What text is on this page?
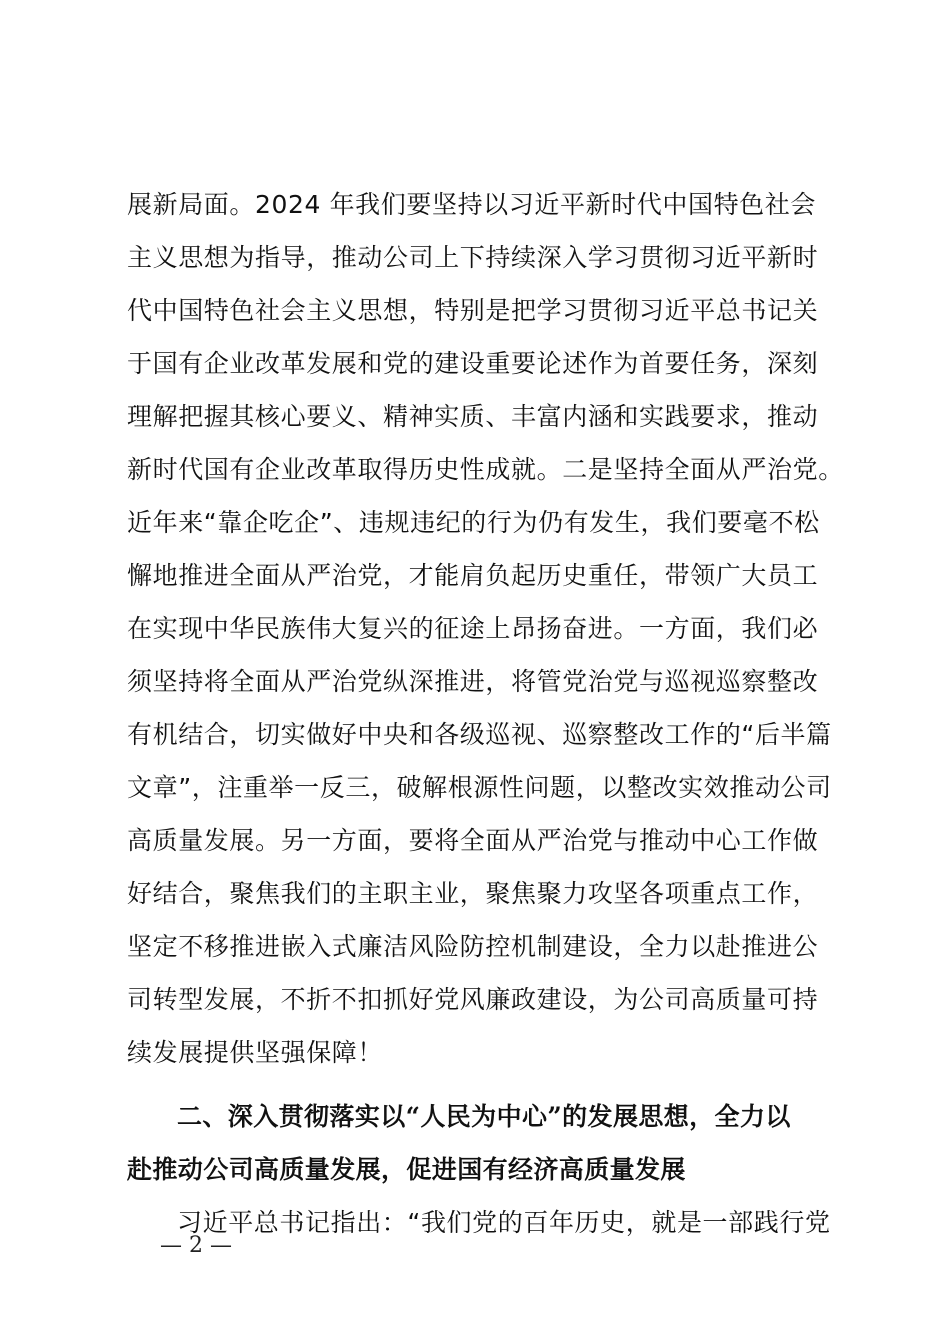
展新局面。2024 年我们要坚持以习近平新时代中国特色社会
主义思想为指导，推动公司上下持续深入学习贯彻习近平新时
代中国特色社会主义思想，特别是把学习贯彻习近平总书记关
于国有企业改革发展和党的建设重要论述作为首要任务，深刻
理解把握其核心要义、精神实质、丰富内涵和实践要求，推动
新时代国有企业改革取得历史性成就。二是坚持全面从严治党。
近年来“靠企吃企”、违规违纪的行为仍有发生，我们要毫不松
懈地推进全面从严治党，才能肩负起历史重任，带领广大员工
在实现中华民族伟大复兴的征途上昂扬奋进。一方面，我们必
须坚持将全面从严治党纵深推进，将管党治党与巡视巡察整改
有机结合，切实做好中央和各级巡视、巡察整改工作的“后半篇
文章”，注重举一反三，破解根源性问题，以整改实效推动公司
高质量发展。另一方面，要将全面从严治党与推动中心工作做
好结合，聚焦我们的主职主业，聚焦聚力攻坚各项重点工作，
坚定不移推进嵌入式廉洁风险防控机制建设，全力以赴推进公
司转型发展，不折不扣抓好党风廉政建设，为公司高质量可持
续发展提供坚强保障！
二、深入贯彻落实以“人民为中心”的发展思想，全力以
赴推动公司高质量发展，促进国有经济高质量发展
习近平总书记指出：“我们党的百年历史，就是一部践行党
— 2 —
